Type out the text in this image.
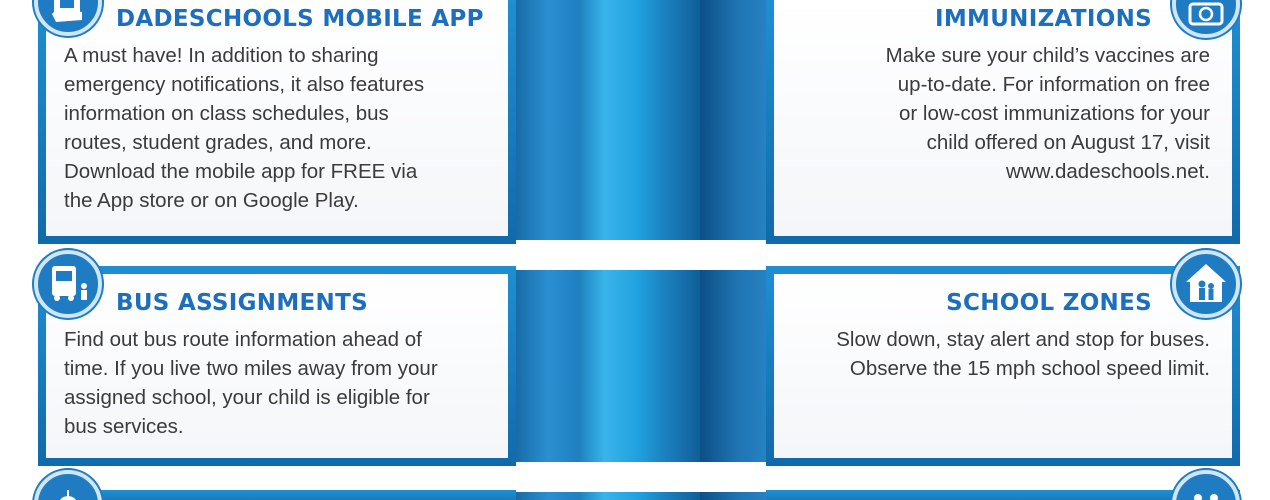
DADESCHOOLS MOBILE APP
A must have! In addition to sharing
emergency notifications, it also features
information on class schedules, bus
routes, student grades, and more.
Download the mobile app for FREE via
the App store or on Google Play.
IMMUNIZATIONS
Make sure your child’s vaccines are
up-to-date. For information on free
or low-cost immunizations for your
child offered on August 17, visit
www.dadeschools.net.
BUS ASSIGNMENTS
Find out bus route information ahead of
time. If you live two miles away from your
assigned school, your child is eligible for
bus services.
SCHOOL ZONES
Slow down, stay alert and stop for buses.
Observe the 15 mph school speed limit.
